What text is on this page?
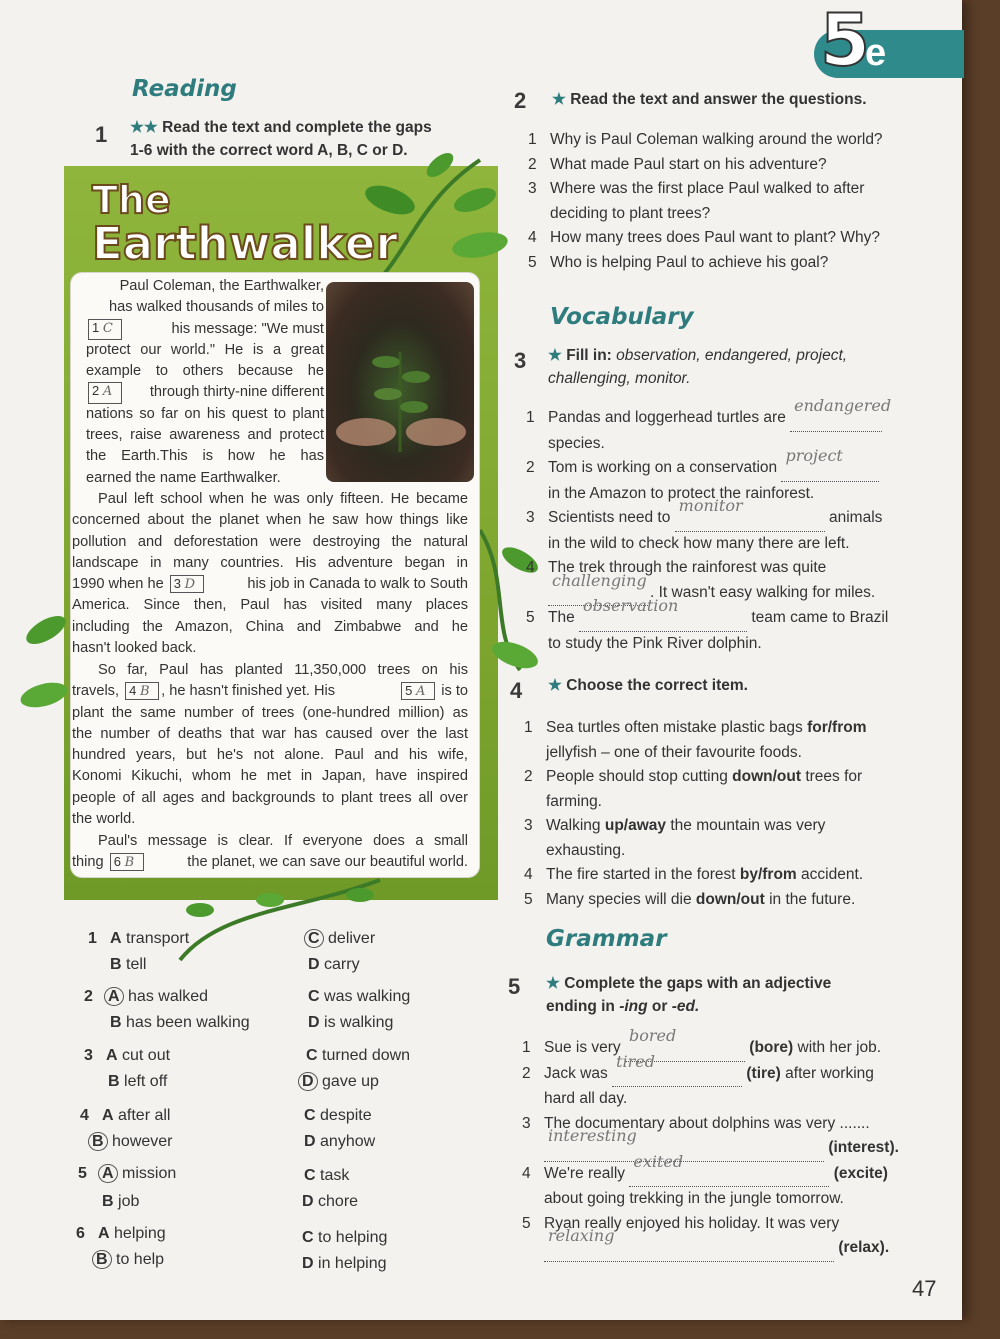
5
e
Reading
1 ★★ Read the text and complete the gaps
1-6 with the correct word A, B, C or D.
The
Earthwalker
Paul Coleman, the Earthwalker,
has walked thousands of miles to
1 C	his message: "We must
protect our world." He is a great
example to others because he
2 A	through thirty-nine different
nations so far on his quest to plant
trees, raise awareness and protect
the Earth.This is how he has
earned the name Earthwalker.
Paul left school when he was only fifteen. He became
concerned about the planet when he saw how things like
pollution and deforestation were destroying the natural
landscape in many countries. His adventure began in
1990 when he 3 D	his job in Canada to walk to South
America. Since then, Paul has visited many places
including the Amazon, China and Zimbabwe and he
hasn't looked back.
So far, Paul has planted 11,350,000 trees on his
travels, 4 B , he hasn't finished yet. His	5 A is to
plant the same number of trees (one-hundred million) as
the number of deaths that war has caused over the last
hundred years, but he's not alone. Paul and his wife,
Konomi Kikuchi, whom he met in Japan, have inspired
people of all ages and backgrounds to plant trees all over
the world.
Paul's message is clear. If everyone does a small
thing 6 B	the planet, we can save our beautiful world.
1 A transport
B tell
C deliver
D carry
2 A has walked
B has been walking
C was walking
D is walking
3 A cut out
B left off
C turned down
D gave up
4 A after all
B however
C despite
D anyhow
5 A mission
B job
C task
D chore
6 A helping
B to help
C to helping
D in helping
2 ★ Read the text and answer the questions.
1 Why is Paul Coleman walking around the world?
2 What made Paul start on his adventure?
3 Where was the first place Paul walked to after
deciding to plant trees?
4 How many trees does Paul want to plant? Why?
5 Who is helping Paul to achieve his goal?
Vocabulary
3 ★ Fill in: observation, endangered, project,
challenging, monitor.
1 Pandas and loggerhead turtles are
endangered

species.
2 Tom is working on a conservation
project

in the Amazon to protect the rainforest.
3 Scientists need to
monitor
animals
in the wild to check how many there are left.
4 The trek through the rainforest was quite
challenging
. It wasn't easy walking for miles.
5 The
observation
team came to Brazil
to study the Pink River dolphin.
4 ★ Choose the correct item.
1 Sea turtles often mistake plastic bags for/from
jellyfish – one of their favourite foods.
2 People should stop cutting down/out trees for
farming.
3 Walking up/away the mountain was very
exhausting.
4 The fire started in the forest by/from accident.
5 Many species will die down/out in the future.
Grammar
5 ★ Complete the gaps with an adjective
ending in -ing or -ed.
1 Sue is very
bored
(bore) with her job.
2 Jack was
tired
(tire) after working
hard all day.
3 The documentary about dolphins was very .......
interesting
(interest).
4 We're really
exited
(excite)
about going trekking in the jungle tomorrow.
5 Ryan really enjoyed his holiday. It was very
relaxing
(relax).
47
